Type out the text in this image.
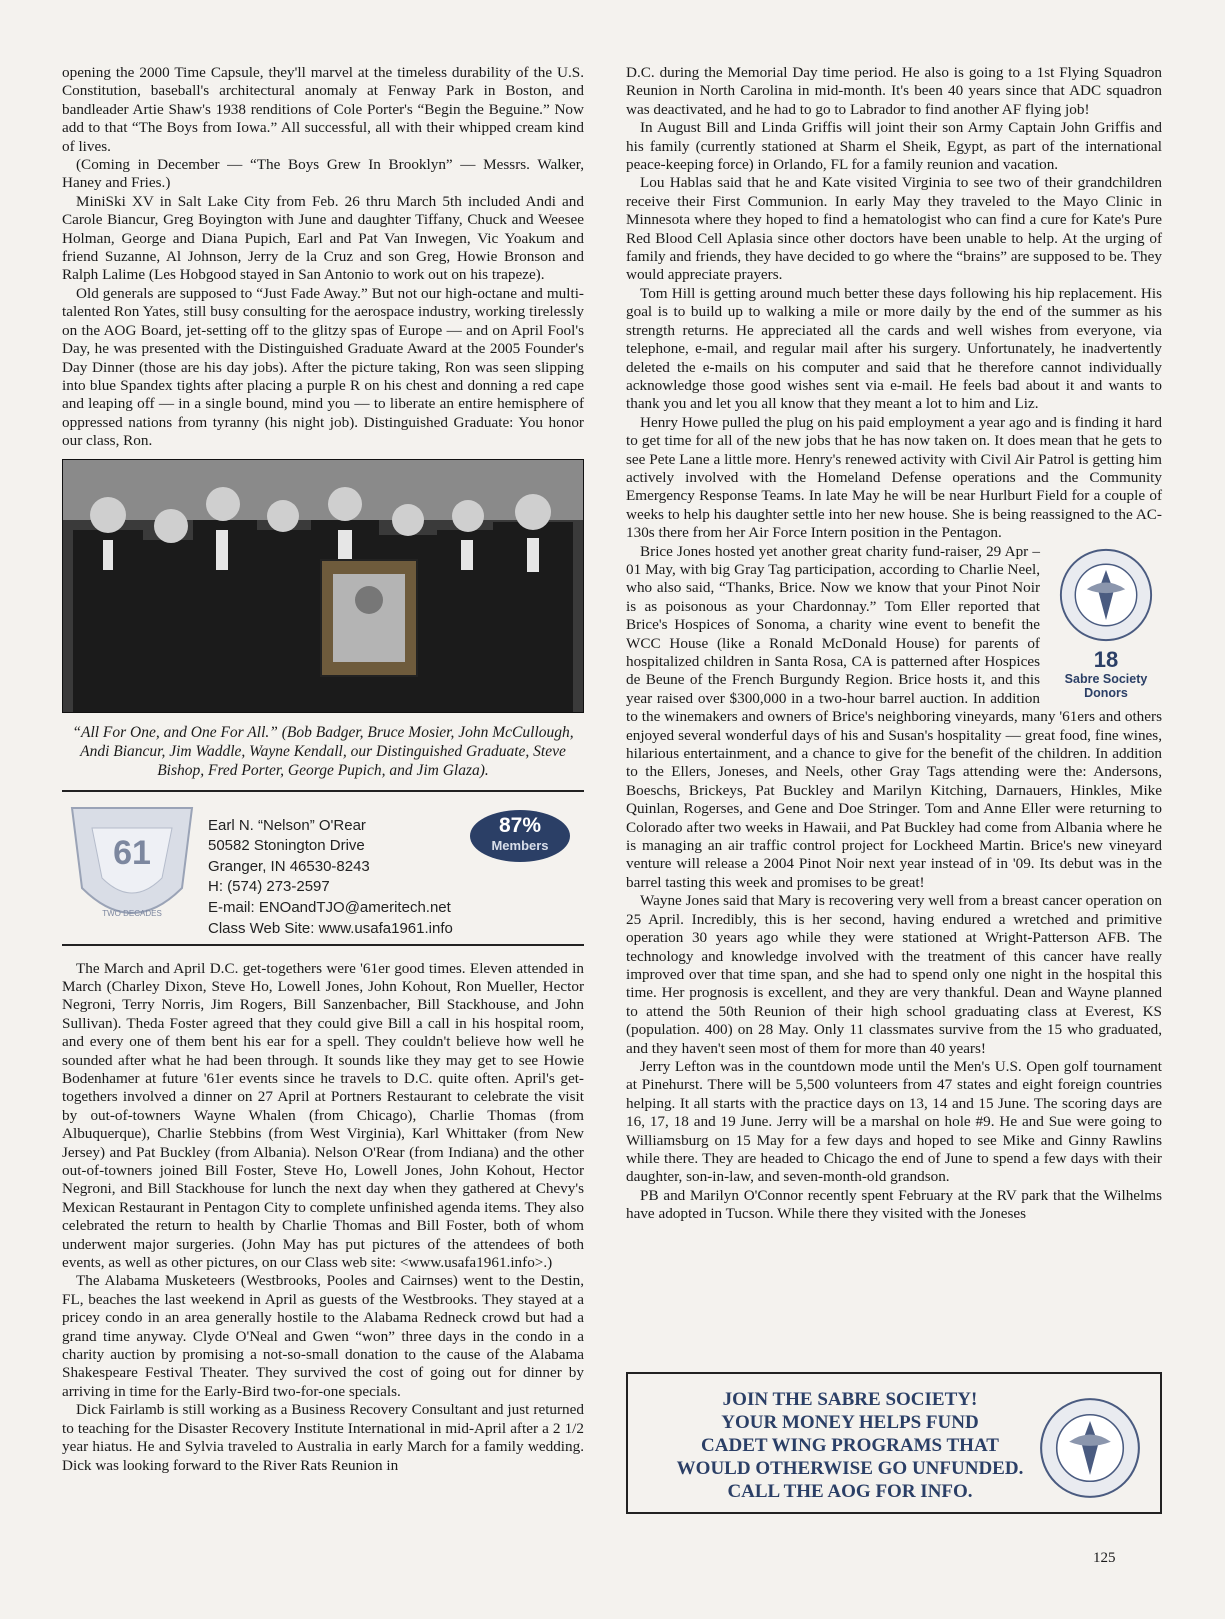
opening the 2000 Time Capsule, they'll marvel at the timeless durability of the U.S. Constitution, baseball's architectural anomaly at Fenway Park in Boston, and bandleader Artie Shaw's 1938 renditions of Cole Porter's “Begin the Beguine.” Now add to that “The Boys from Iowa.” All successful, all with their whipped cream kind of lives.

(Coming in December — “The Boys Grew In Brooklyn” — Messrs. Walker, Haney and Fries.)

MiniSki XV in Salt Lake City from Feb. 26 thru March 5th included Andi and Carole Biancur, Greg Boyington with June and daughter Tiffany, Chuck and Weesee Holman, George and Diana Pupich, Earl and Pat Van Inwegen, Vic Yoakum and friend Suzanne, Al Johnson, Jerry de la Cruz and son Greg, Howie Bronson and Ralph Lalime (Les Hobgood stayed in San Antonio to work out on his trapeze).

Old generals are supposed to “Just Fade Away.” But not our high-octane and multi-talented Ron Yates, still busy consulting for the aerospace industry, working tirelessly on the AOG Board, jet-setting off to the glitzy spas of Europe — and on April Fool's Day, he was presented with the Distinguished Graduate Award at the 2005 Founder's Day Dinner (those are his day jobs). After the picture taking, Ron was seen slipping into blue Spandex tights after placing a purple R on his chest and donning a red cape and leaping off — in a single bound, mind you — to liberate an entire hemisphere of oppressed nations from tyranny (his night job). Distinguished Graduate: You honor our class, Ron.

“All For One, and One For All.” (Bob Badger, Bruce Mosier, John McCullough, Andi Biancur, Jim Waddle, Wayne Kendall, our Distinguished Graduate, Steve Bishop, Fred Porter, George Pupich, and Jim Glaza).
61
TWO DECADES
Earl N. “Nelson” O'Rear
50582 Stonington Drive
Granger, IN 46530-8243
H: (574) 273-2597
E-mail: ENOandTJO@ameritech.net
Class Web Site: www.usafa1961.info
87%
Members

The March and April D.C. get-togethers were '61er good times. Eleven attended in March (Charley Dixon, Steve Ho, Lowell Jones, John Kohout, Ron Mueller, Hector Negroni, Terry Norris, Jim Rogers, Bill Sanzenbacher, Bill Stackhouse, and John Sullivan). Theda Foster agreed that they could give Bill a call in his hospital room, and every one of them bent his ear for a spell. They couldn't believe how well he sounded after what he had been through. It sounds like they may get to see Howie Bodenhamer at future '61er events since he travels to D.C. quite often. April's get-togethers involved a dinner on 27 April at Portners Restaurant to celebrate the visit by out-of-towners Wayne Whalen (from Chicago), Charlie Thomas (from Albuquerque), Charlie Stebbins (from West Virginia), Karl Whittaker (from New Jersey) and Pat Buckley (from Albania). Nelson O'Rear (from Indiana) and the other out-of-towners joined Bill Foster, Steve Ho, Lowell Jones, John Kohout, Hector Negroni, and Bill Stackhouse for lunch the next day when they gathered at Chevy's Mexican Restaurant in Pentagon City to complete unfinished agenda items. They also celebrated the return to health by Charlie Thomas and Bill Foster, both of whom underwent major surgeries. (John May has put pictures of the attendees of both events, as well as other pictures, on our Class web site: <www.usafa1961.info>.)

The Alabama Musketeers (Westbrooks, Pooles and Cairnses) went to the Destin, FL, beaches the last weekend in April as guests of the Westbrooks. They stayed at a pricey condo in an area generally hostile to the Alabama Redneck crowd but had a grand time anyway. Clyde O'Neal and Gwen “won” three days in the condo in a charity auction by promising a not-so-small donation to the cause of the Alabama Shakespeare Festival Theater. They survived the cost of going out for dinner by arriving in time for the Early-Bird two-for-one specials.

Dick Fairlamb is still working as a Business Recovery Consultant and just returned to teaching for the Disaster Recovery Institute International in mid-April after a 2 1/2 year hiatus. He and Sylvia traveled to Australia in early March for a family wedding. Dick was looking forward to the River Rats Reunion in

D.C. during the Memorial Day time period. He also is going to a 1st Flying Squadron Reunion in North Carolina in mid-month. It's been 40 years since that ADC squadron was deactivated, and he had to go to Labrador to find another AF flying job!

In August Bill and Linda Griffis will joint their son Army Captain John Griffis and his family (currently stationed at Sharm el Sheik, Egypt, as part of the international peace-keeping force) in Orlando, FL for a family reunion and vacation.

Lou Hablas said that he and Kate visited Virginia to see two of their grandchildren receive their First Communion. In early May they traveled to the Mayo Clinic in Minnesota where they hoped to find a hematologist who can find a cure for Kate's Pure Red Blood Cell Aplasia since other doctors have been unable to help. At the urging of family and friends, they have decided to go where the “brains” are supposed to be. They would appreciate prayers.

Tom Hill is getting around much better these days following his hip replacement. His goal is to build up to walking a mile or more daily by the end of the summer as his strength returns. He appreciated all the cards and well wishes from everyone, via telephone, e-mail, and regular mail after his surgery. Unfortunately, he inadvertently deleted the e-mails on his computer and said that he therefore cannot individually acknowledge those good wishes sent via e-mail. He feels bad about it and wants to thank you and let you all know that they meant a lot to him and Liz.

Henry Howe pulled the plug on his paid employment a year ago and is finding it hard to get time for all of the new jobs that he has now taken on. It does mean that he gets to see Pete Lane a little more. Henry's renewed activity with Civil Air Patrol is getting him actively involved with the Homeland Defense operations and the Community Emergency Response Teams. In late May he will be near Hurlburt Field for a couple of weeks to help his daughter settle into her new house. She is being reassigned to the AC-130s there from her Air Force Intern position in the Pentagon.

18
Sabre Society Donors

Brice Jones hosted yet another great charity fund-raiser, 29 Apr – 01 May, with big Gray Tag participation, according to Charlie Neel, who also said, “Thanks, Brice. Now we know that your Pinot Noir is as poisonous as your Chardonnay.” Tom Eller reported that Brice's Hospices of Sonoma, a charity wine event to benefit the WCC House (like a Ronald McDonald House) for parents of hospitalized children in Santa Rosa, CA is patterned after Hospices de Beune of the French Burgundy Region. Brice hosts it, and this year raised over $300,000 in a two-hour barrel auction. In addition to the winemakers and owners of Brice's neighboring vineyards, many '61ers and others enjoyed several wonderful days of his and Susan's hospitality — great food, fine wines, hilarious entertainment, and a chance to give for the benefit of the children. In addition to the Ellers, Joneses, and Neels, other Gray Tags attending were the: Andersons, Boeschs, Brickeys, Pat Buckley and Marilyn Kitching, Darnauers, Hinkles, Mike Quinlan, Rogerses, and Gene and Doe Stringer. Tom and Anne Eller were returning to Colorado after two weeks in Hawaii, and Pat Buckley had come from Albania where he is managing an air traffic control project for Lockheed Martin. Brice's new vineyard venture will release a 2004 Pinot Noir next year instead of in '09. Its debut was in the barrel tasting this week and promises to be great!

Wayne Jones said that Mary is recovering very well from a breast cancer operation on 25 April. Incredibly, this is her second, having endured a wretched and primitive operation 30 years ago while they were stationed at Wright-Patterson AFB. The technology and knowledge involved with the treatment of this cancer have really improved over that time span, and she had to spend only one night in the hospital this time. Her prognosis is excellent, and they are very thankful. Dean and Wayne planned to attend the 50th Reunion of their high school graduating class at Everest, KS (population. 400) on 28 May. Only 11 classmates survive from the 15 who graduated, and they haven't seen most of them for more than 40 years!

Jerry Lefton was in the countdown mode until the Men's U.S. Open golf tournament at Pinehurst. There will be 5,500 volunteers from 47 states and eight foreign countries helping. It all starts with the practice days on 13, 14 and 15 June. The scoring days are 16, 17, 18 and 19 June. Jerry will be a marshal on hole #9. He and Sue were going to Williamsburg on 15 May for a few days and hoped to see Mike and Ginny Rawlins while there. They are headed to Chicago the end of June to spend a few days with their daughter, son-in-law, and seven-month-old grandson.

PB and Marilyn O'Connor recently spent February at the RV park that the Wilhelms have adopted in Tucson. While there they visited with the Joneses

JOIN THE SABRE SOCIETY!
YOUR MONEY HELPS FUND
CADET WING PROGRAMS THAT
WOULD OTHERWISE GO UNFUNDED.
CALL THE AOG FOR INFO.
125
